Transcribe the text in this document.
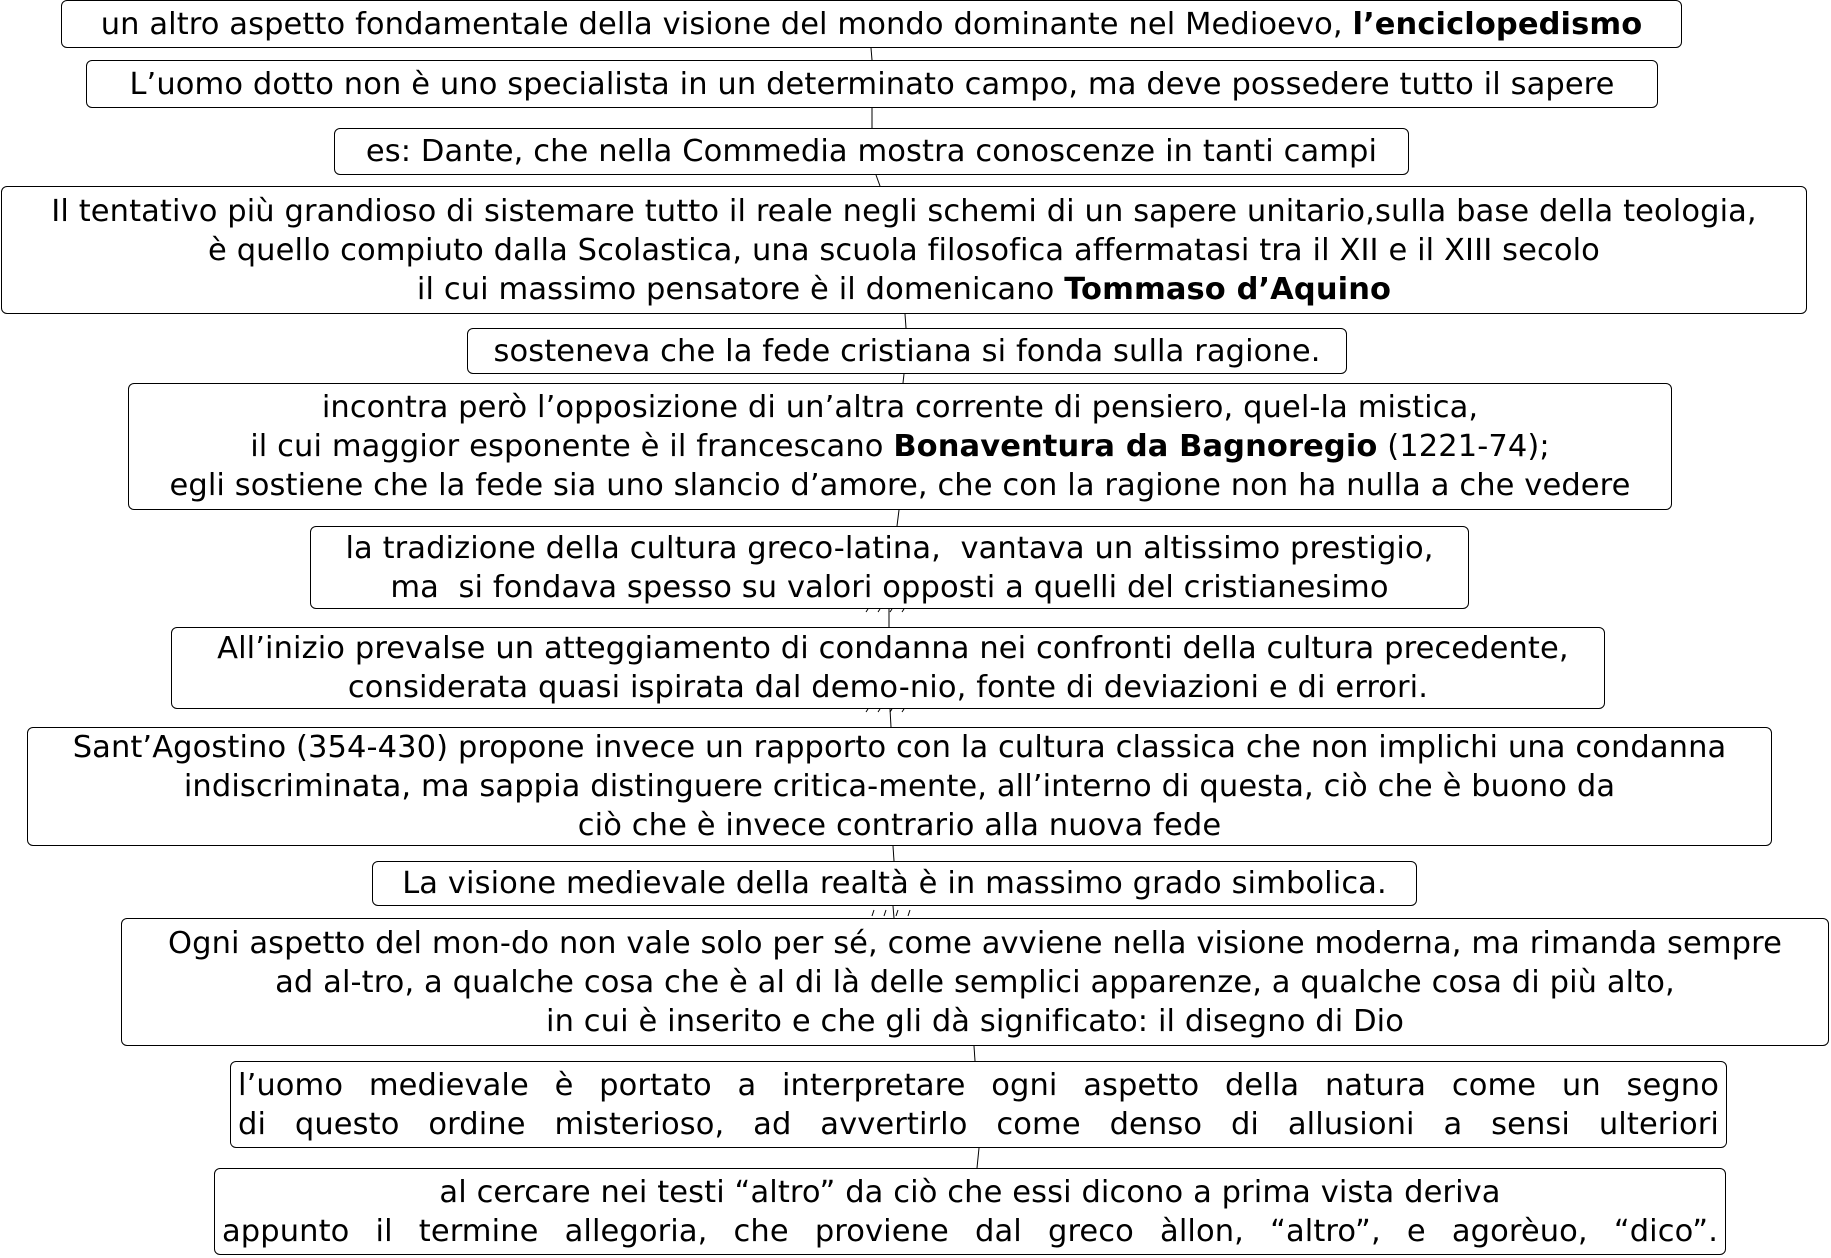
un altro aspetto fondamentale della visione del mondo dominante nel Medioevo, l’enciclopedismo
L’uomo dotto non è uno specialista in un determinato campo, ma deve possedere tutto il sapere
es: Dante, che nella Commedia mostra conoscenze in tanti campi
Il tentativo più grandioso di sistemare tutto il reale negli schemi di un sapere unitario,sulla base della teologia,
è quello compiuto dalla Scolastica, una scuola filosofica affermatasi tra il XII e il XIII secolo
il cui massimo pensatore è il domenicano Tommaso d’Aquino
sosteneva che la fede cristiana si fonda sulla ragione.
incontra però l’opposizione di un’altra corrente di pensiero, quel-la mistica,
il cui maggior esponente è il francescano Bonaventura da Bagnoregio (1221-74);
egli sostiene che la fede sia uno slancio d’amore, che con la ragione non ha nulla a che vedere
la tradizione della cultura greco-latina,  vantava un altissimo prestigio,
ma  si fondava spesso su valori opposti a quelli del cristianesimo
All’inizio prevalse un atteggiamento di condanna nei confronti della cultura precedente,
considerata quasi ispirata dal demo-nio, fonte di deviazioni e di errori.
Sant’Agostino (354-430) propone invece un rapporto con la cultura classica che non implichi una condanna
indiscriminata, ma sappia distinguere critica-mente, all’interno di questa, ciò che è buono da
ciò che è invece contrario alla nuova fede
La visione medievale della realtà è in massimo grado simbolica.
Ogni aspetto del mon-do non vale solo per sé, come avviene nella visione moderna, ma rimanda sempre
ad al-tro, a qualche cosa che è al di là delle semplici apparenze, a qualche cosa di più alto,
in cui è inserito e che gli dà significato: il disegno di Dio
l’uomo medievale è portato a interpretare ogni aspetto della natura come un segno
di questo ordine misterioso, ad avvertirlo come denso di allusioni a sensi ulteriori
al cercare nei testi “altro” da ciò che essi dicono a prima vista deriva
appunto il termine allegoria, che proviene dal greco àllon, “altro”, e agorèuo, “dico”.
